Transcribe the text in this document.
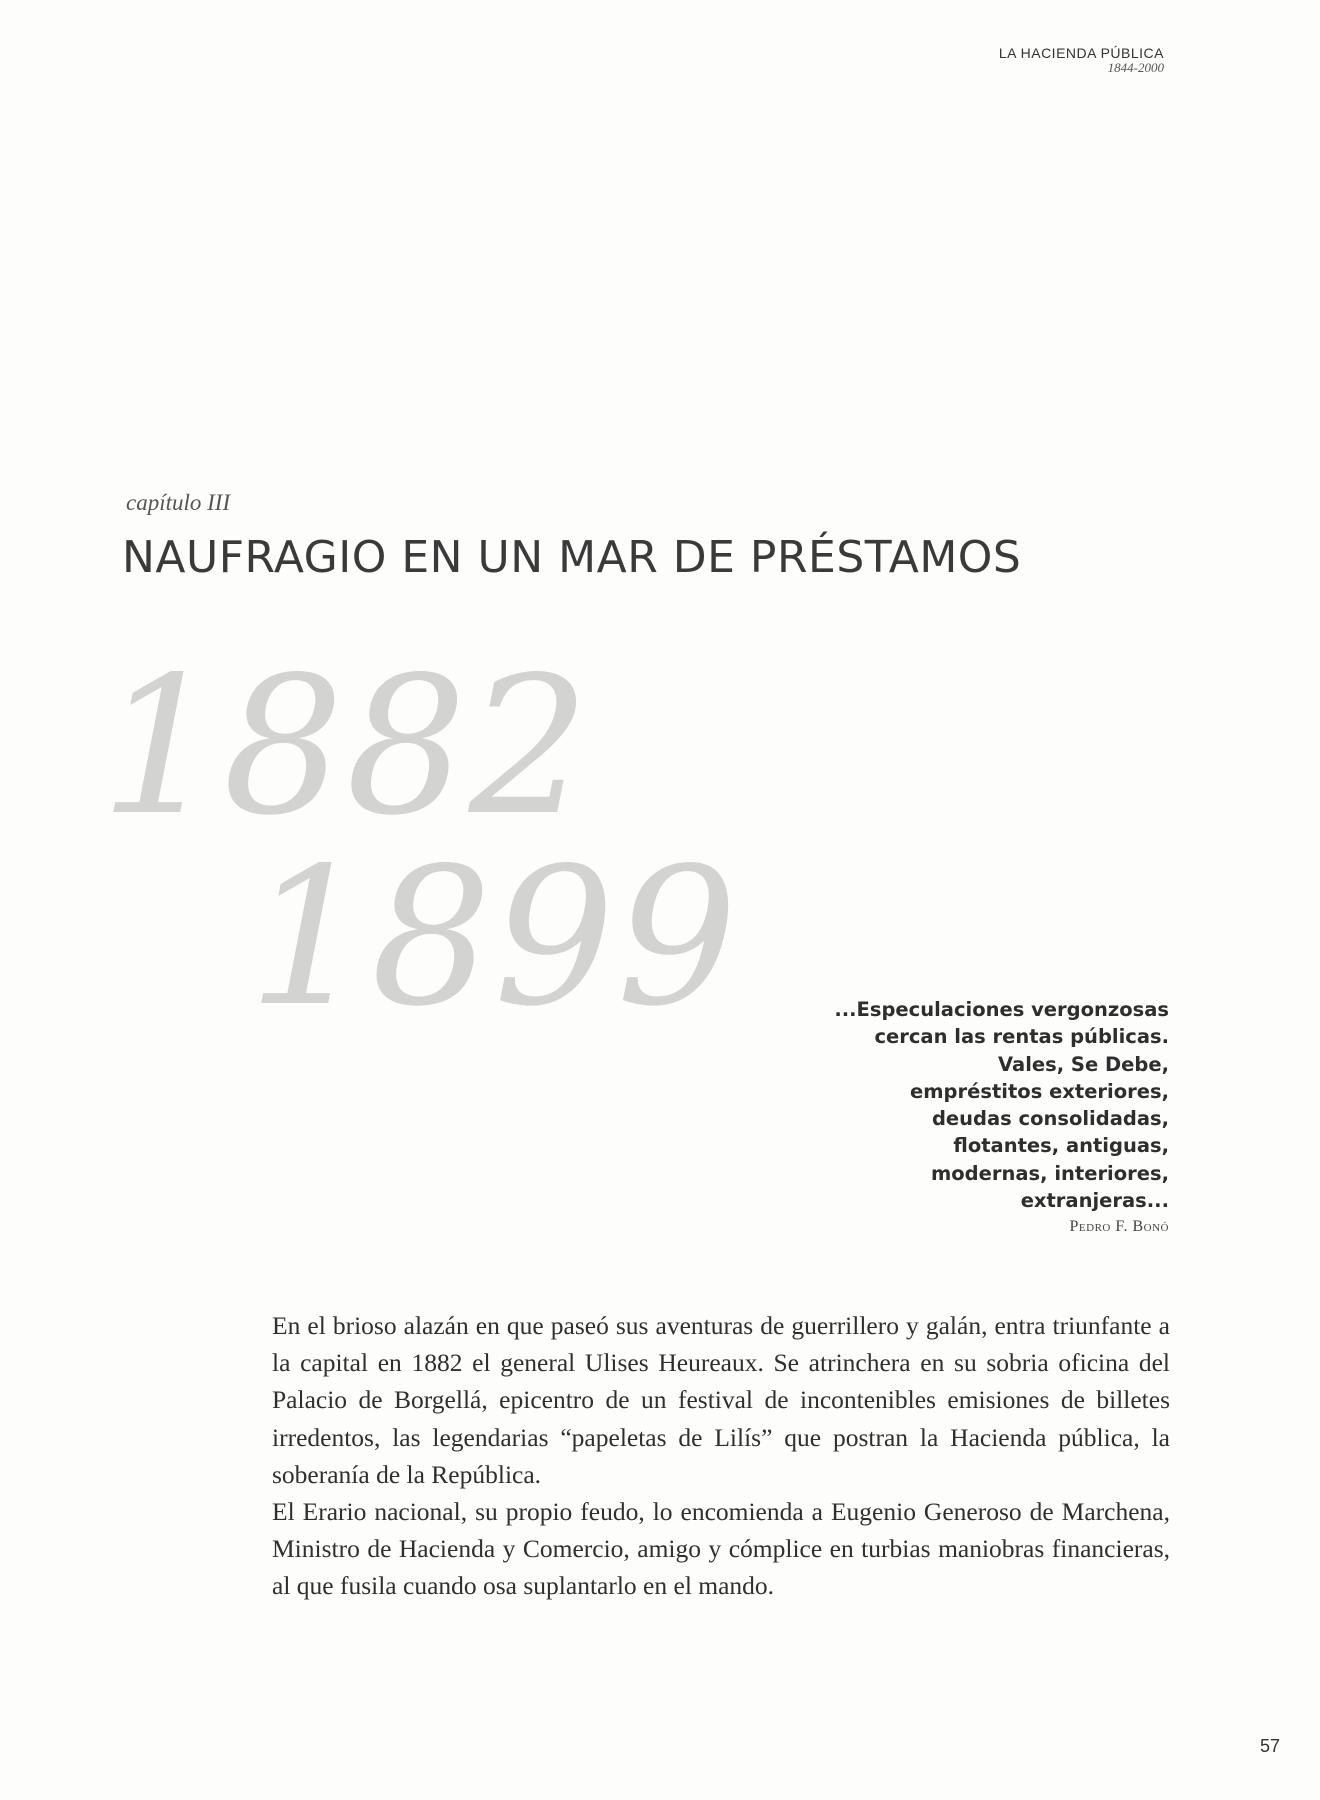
LA HACIENDA PÚBLICA
1844-2000
capítulo III
NAUFRAGIO EN UN MAR DE PRÉSTAMOS
1882
1899	...Especulaciones vergonzosas
cercan las rentas públicas.
Vales, Se Debe,
empréstitos exteriores,
deudas consolidadas,
flotantes, antiguas,
modernas, interiores,
extranjeras...
Pedro F. Bonó

En el brioso alazán en que paseó sus aventuras de guerrillero y galán, entra triunfante a la capital en 1882 el general Ulises Heureaux. Se atrinchera en su sobria oficina del Palacio de Borgellá, epicentro de un festival de incontenibles emisiones de billetes irredentos, las legendarias “papeletas de Lilís” que postran la Hacienda pública, la soberanía de la República.

El Erario nacional, su propio feudo, lo encomienda a Eugenio Generoso de Marchena, Ministro de Hacienda y Comercio, amigo y cómplice en turbias maniobras financieras, al que fusila cuando osa suplantarlo en el mando.

57
